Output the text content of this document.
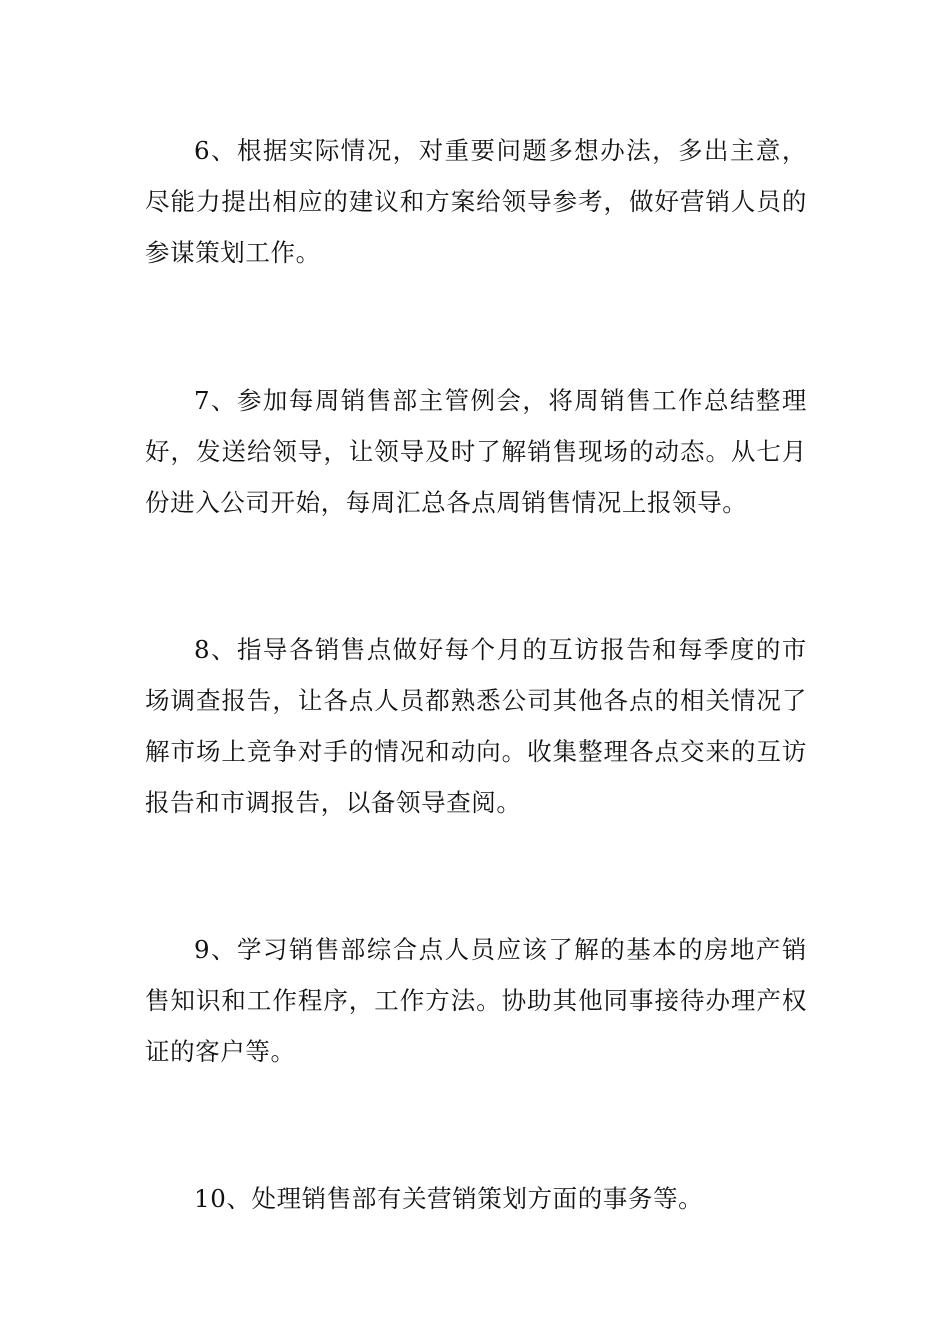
6、根据实际情况，对重要问题多想办法，多出主意，尽能力提出相应的建议和方案给领导参考，做好营销人员的参谋策划工作。

7、参加每周销售部主管例会，将周销售工作总结整理好，发送给领导，让领导及时了解销售现场的动态。从七月份进入公司开始，每周汇总各点周销售情况上报领导。

8、指导各销售点做好每个月的互访报告和每季度的市场调查报告，让各点人员都熟悉公司其他各点的相关情况了解市场上竞争对手的情况和动向。收集整理各点交来的互访报告和市调报告，以备领导查阅。

9、学习销售部综合点人员应该了解的基本的房地产销售知识和工作程序，工作方法。协助其他同事接待办理产权证的客户等。

10、处理销售部有关营销策划方面的事务等。
